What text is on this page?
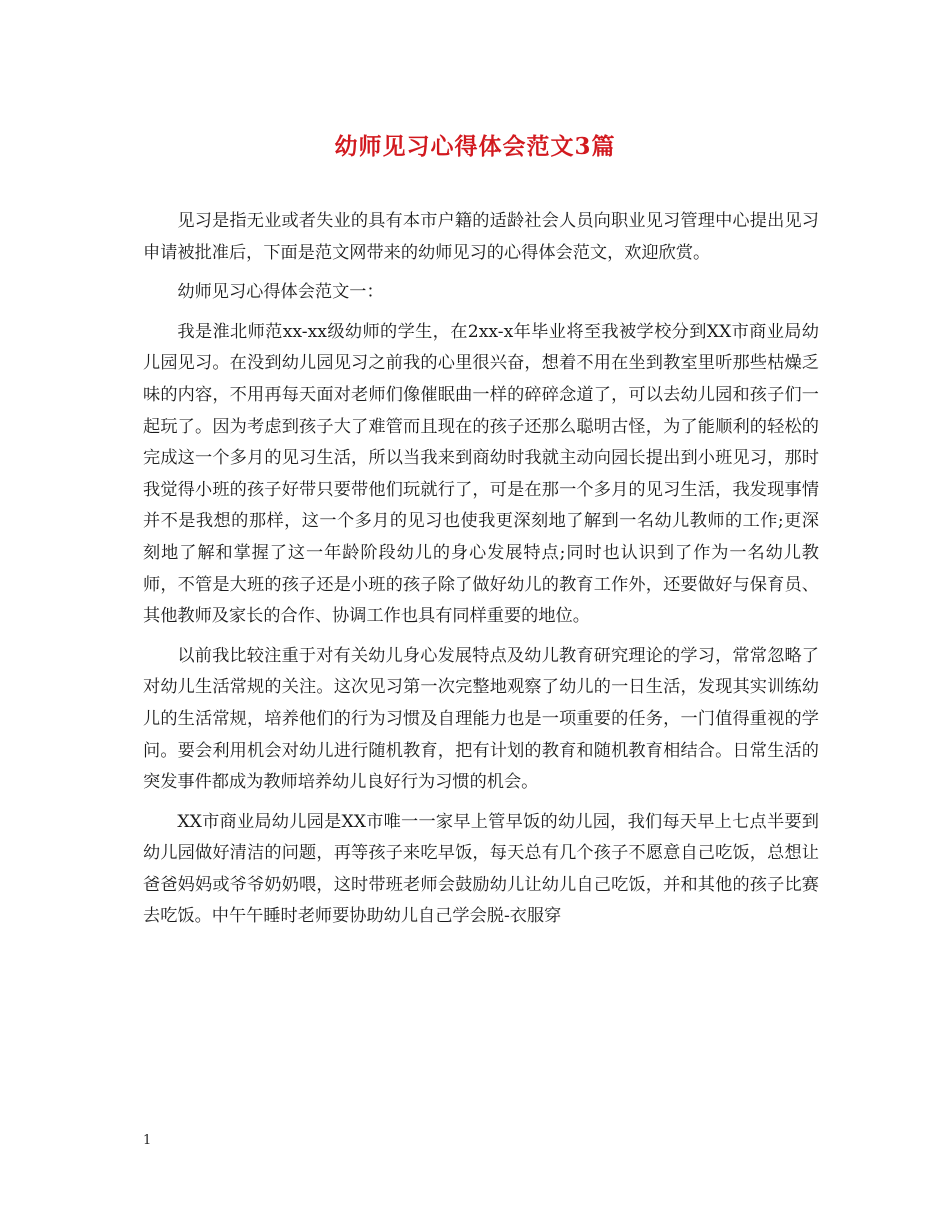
幼师见习心得体会范文3篇

见习是指无业或者失业的具有本市户籍的适龄社会人员向职业见习管理中心提出见习申请被批准后，下面是范文网带来的幼师见习的心得体会范文，欢迎欣赏。

幼师见习心得体会范文一：

我是淮北师范xx-xx级幼师的学生，在2xx-x年毕业将至我被学校分到XX市商业局幼儿园见习。在没到幼儿园见习之前我的心里很兴奋，想着不用在坐到教室里听那些枯燥乏味的内容，不用再每天面对老师们像催眠曲一样的碎碎念道了，可以去幼儿园和孩子们一起玩了。因为考虑到孩子大了难管而且现在的孩子还那么聪明古怪，为了能顺利的轻松的完成这一个多月的见习生活，所以当我来到商幼时我就主动向园长提出到小班见习，那时我觉得小班的孩子好带只要带他们玩就行了，可是在那一个多月的见习生活，我发现事情并不是我想的那样，这一个多月的见习也使我更深刻地了解到一名幼儿教师的工作;更深刻地了解和掌握了这一年龄阶段幼儿的身心发展特点;同时也认识到了作为一名幼儿教师，不管是大班的孩子还是小班的孩子除了做好幼儿的教育工作外，还要做好与保育员、其他教师及家长的合作、协调工作也具有同样重要的地位。

以前我比较注重于对有关幼儿身心发展特点及幼儿教育研究理论的学习，常常忽略了对幼儿生活常规的关注。这次见习第一次完整地观察了幼儿的一日生活，发现其实训练幼儿的生活常规，培养他们的行为习惯及自理能力也是一项重要的任务，一门值得重视的学问。要会利用机会对幼儿进行随机教育，把有计划的教育和随机教育相结合。日常生活的突发事件都成为教师培养幼儿良好行为习惯的机会。

XX市商业局幼儿园是XX市唯一一家早上管早饭的幼儿园，我们每天早上七点半要到幼儿园做好清洁的问题，再等孩子来吃早饭，每天总有几个孩子不愿意自己吃饭，总想让爸爸妈妈或爷爷奶奶喂，这时带班老师会鼓励幼儿让幼儿自己吃饭，并和其他的孩子比赛去吃饭。中午午睡时老师要协助幼儿自己学会脱-衣服穿

1
